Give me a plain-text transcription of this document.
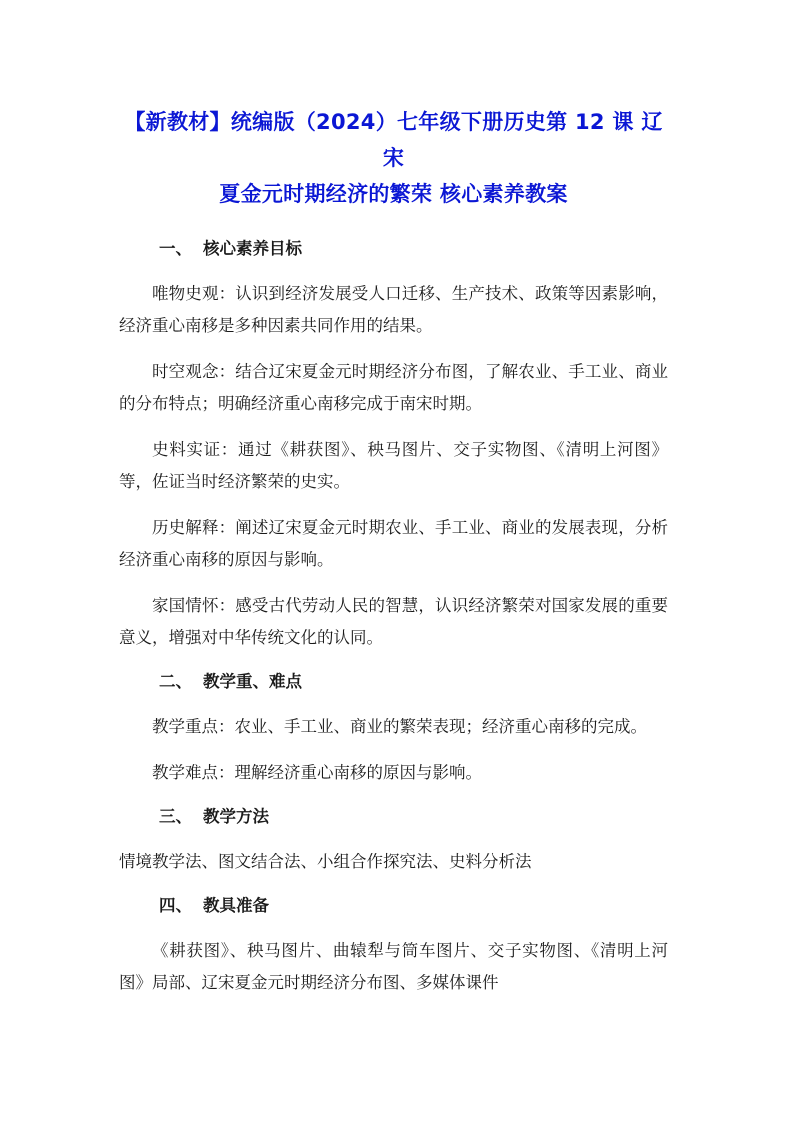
【新教材】统编版（2024）七年级下册历史第 12 课 辽宋
夏金元时期经济的繁荣 核心素养教案
一、 核心素养目标

唯物史观：认识到经济发展受人口迁移、生产技术、政策等因素影响，经济重心南移是多种因素共同作用的结果。

时空观念：结合辽宋夏金元时期经济分布图，了解农业、手工业、商业的分布特点；明确经济重心南移完成于南宋时期。

史料实证：通过《耕获图》、秧马图片、交子实物图、《清明上河图》等，佐证当时经济繁荣的史实。

历史解释：阐述辽宋夏金元时期农业、手工业、商业的发展表现，分析经济重心南移的原因与影响。

家国情怀：感受古代劳动人民的智慧，认识经济繁荣对国家发展的重要意义，增强对中华传统文化的认同。

二、 教学重、难点

教学重点：农业、手工业、商业的繁荣表现；经济重心南移的完成。

教学难点：理解经济重心南移的原因与影响。

三、 教学方法

情境教学法、图文结合法、小组合作探究法、史料分析法

四、 教具准备

《耕获图》、秧马图片、曲辕犁与筒车图片、交子实物图、《清明上河图》局部、辽宋夏金元时期经济分布图、多媒体课件
